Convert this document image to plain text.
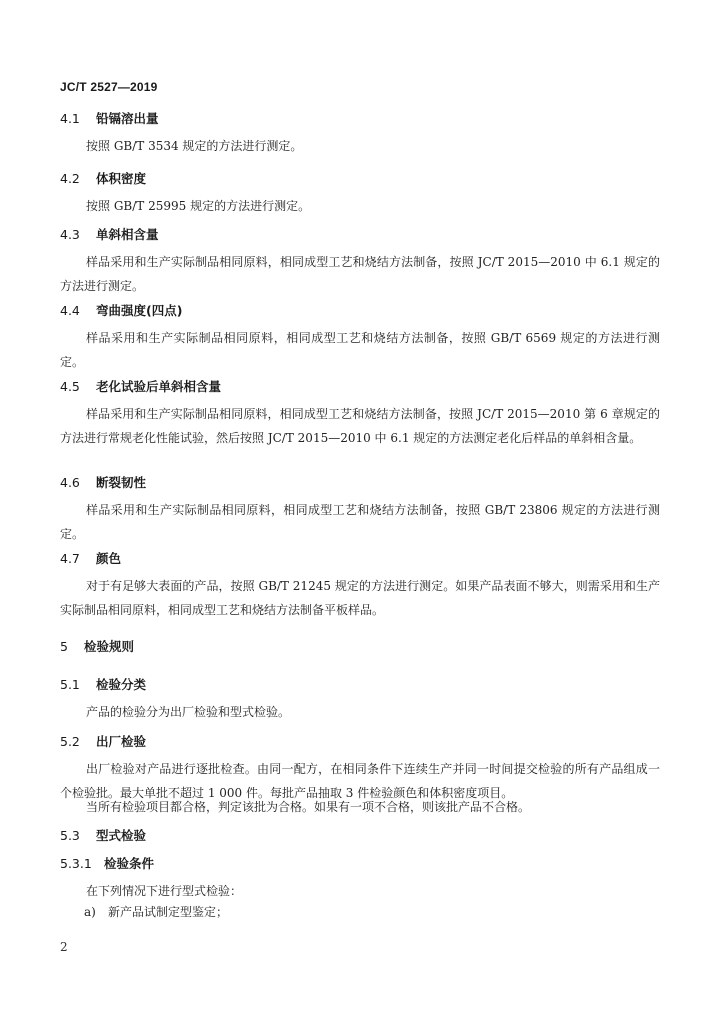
JC/T 2527—2019
4.1 铅镉溶出量

按照 GB/T 3534 规定的方法进行测定。

4.2 体积密度

按照 GB/T 25995 规定的方法进行测定。

4.3 单斜相含量

样品采用和生产实际制品相同原料，相同成型工艺和烧结方法制备，按照 JC/T 2015—2010 中 6.1 规定的方法进行测定。

4.4 弯曲强度(四点)

样品采用和生产实际制品相同原料，相同成型工艺和烧结方法制备，按照 GB/T 6569 规定的方法进行测定。

4.5 老化试验后单斜相含量

样品采用和生产实际制品相同原料，相同成型工艺和烧结方法制备，按照 JC/T 2015—2010 第 6 章规定的方法进行常规老化性能试验，然后按照 JC/T 2015—2010 中 6.1 规定的方法测定老化后样品的单斜相含量。

4.6 断裂韧性

样品采用和生产实际制品相同原料，相同成型工艺和烧结方法制备，按照 GB/T 23806 规定的方法进行测定。

4.7 颜色

对于有足够大表面的产品，按照 GB/T 21245 规定的方法进行测定。如果产品表面不够大，则需采用和生产实际制品相同原料，相同成型工艺和烧结方法制备平板样品。

5 检验规则
5.1 检验分类

产品的检验分为出厂检验和型式检验。

5.2 出厂检验

出厂检验对产品进行逐批检查。由同一配方，在相同条件下连续生产并同一时间提交检验的所有产品组成一个检验批。最大单批不超过 1 000 件。每批产品抽取 3 件检验颜色和体积密度项目。

当所有检验项目都合格，判定该批为合格。如果有一项不合格，则该批产品不合格。

5.3 型式检验
5.3.1 检验条件

在下列情况下进行型式检验：

a) 新产品试制定型鉴定；
2
